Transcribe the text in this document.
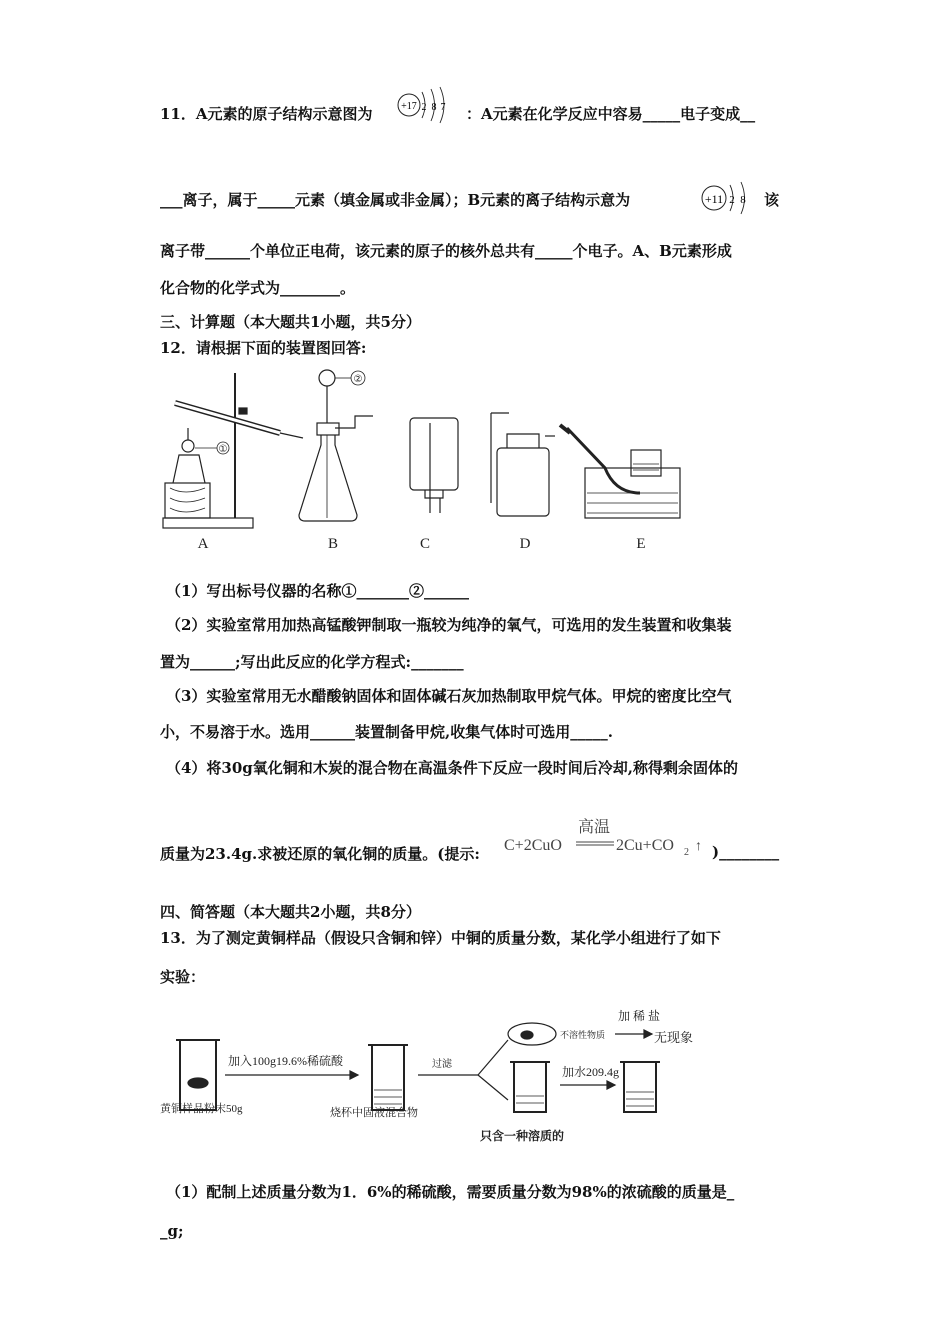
11．A元素的原子结构示意图为	+17 2 8 7 ：A元素在化学反应中容易_____电子变成__
___离子，属于_____元素（填金属或非金属）；B元素的离子结构示意为	+11 2 8 该
离子带______个单位正电荷，该元素的原子的核外总共有_____个电子。A、B元素形成
化合物的化学式为________。
三、计算题（本大题共1小题，共5分）
12．请根据下面的装置图回答:
①
②
A	B	C	D	E
（1）写出标号仪器的名称①_______②______
（2）实验室常用加热高锰酸钾制取一瓶较为纯净的氧气，可选用的发生装置和收集装
置为______;写出此反应的化学方程式:_______
（3）实验室常用无水醋酸钠固体和固体碱石灰加热制取甲烷气体。甲烷的密度比空气
小，不易溶于水。选用______装置制备甲烷,收集气体时可选用_____.
（4）将30g氧化铜和木炭的混合物在高温条件下反应一段时间后冷却,称得剩余固体的
质量为23.4g.求被还原的氧化铜的质量。(提示: C+2CuO
高温
2Cu+CO 2 ↑ )________
四、简答题（本大题共2小题，共8分）
13．为了测定黄铜样品（假设只含铜和锌）中铜的质量分数，某化学小组进行了如下
实验：
黄铜样品粉末50g
加入100g19.6%稀硫酸
烧杯中固液混合物
过滤
不溶性物质
加 稀 盐
无现象
加水209.4g
只含一种溶质的
（1）配制上述质量分数为1．6%的稀硫酸，需要质量分数为98%的浓硫酸的质量是_
_g;
